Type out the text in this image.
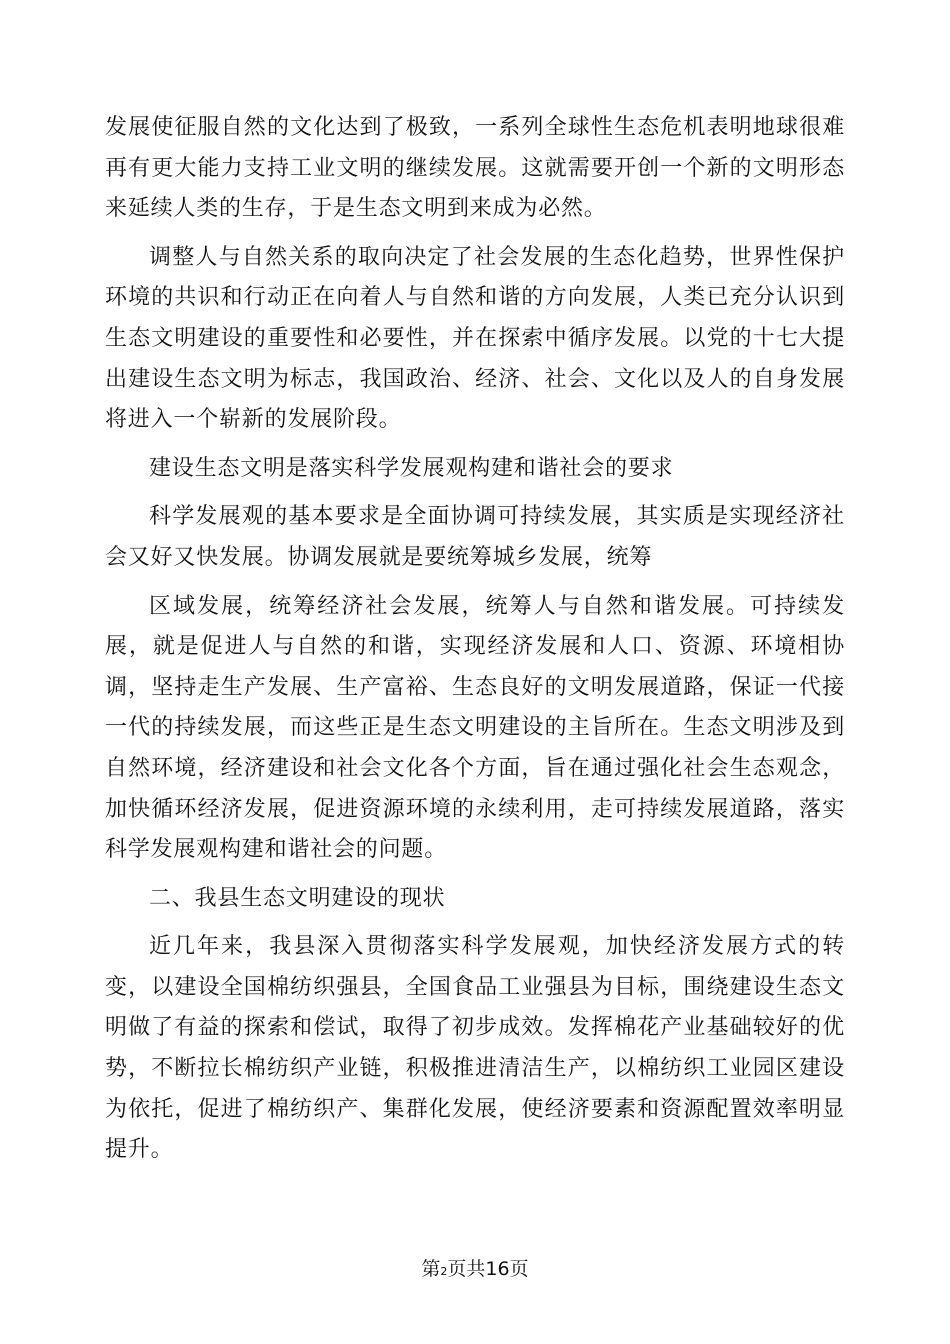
发展使征服自然的文化达到了极致，一系列全球性生态危机表明地球很难再有更大能力支持工业文明的继续发展。这就需要开创一个新的文明形态来延续人类的生存，于是生态文明到来成为必然。

调整人与自然关系的取向决定了社会发展的生态化趋势，世界性保护环境的共识和行动正在向着人与自然和谐的方向发展，人类已充分认识到生态文明建设的重要性和必要性，并在探索中循序发展。以党的十七大提出建设生态文明为标志，我国政治、经济、社会、文化以及人的自身发展将进入一个崭新的发展阶段。

建设生态文明是落实科学发展观构建和谐社会的要求

科学发展观的基本要求是全面协调可持续发展，其实质是实现经济社会又好又快发展。协调发展就是要统筹城乡发展，统筹

区域发展，统筹经济社会发展，统筹人与自然和谐发展。可持续发展，就是促进人与自然的和谐，实现经济发展和人口、资源、环境相协调，坚持走生产发展、生产富裕、生态良好的文明发展道路，保证一代接一代的持续发展，而这些正是生态文明建设的主旨所在。生态文明涉及到自然环境，经济建设和社会文化各个方面，旨在通过强化社会生态观念，加快循环经济发展，促进资源环境的永续利用，走可持续发展道路，落实科学发展观构建和谐社会的问题。

二、我县生态文明建设的现状

近几年来，我县深入贯彻落实科学发展观，加快经济发展方式的转变，以建设全国棉纺织强县，全国食品工业强县为目标，围绕建设生态文明做了有益的探索和偿试，取得了初步成效。发挥棉花产业基础较好的优势，不断拉长棉纺织产业链，积极推进清洁生产，以棉纺织工业园区建设为依托，促进了棉纺织产、集群化发展，使经济要素和资源配置效率明显提升。

第2页共16页
